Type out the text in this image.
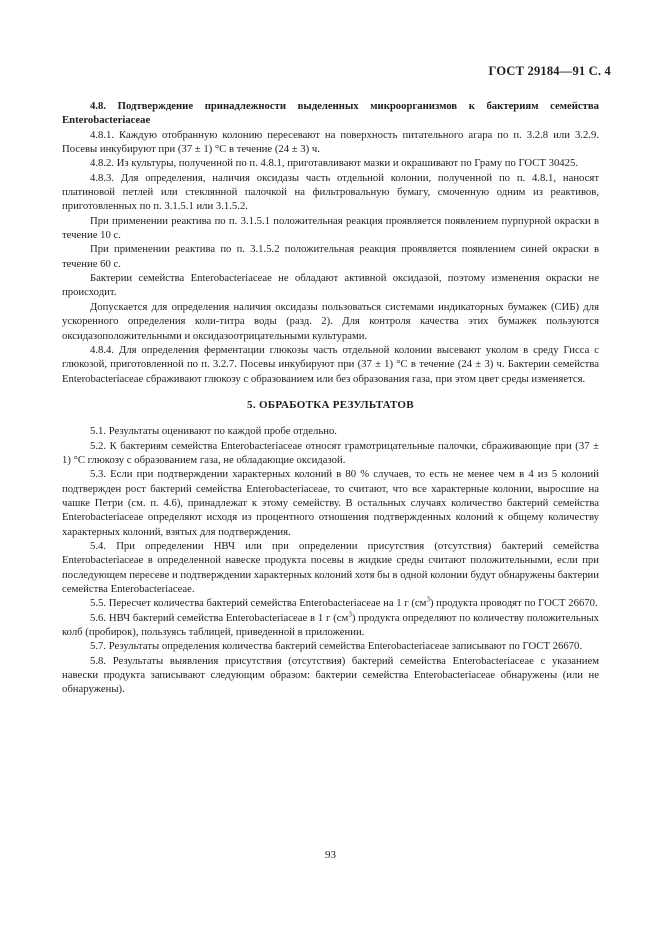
ГОСТ 29184—91 С. 4

4.8. Подтверждение принадлежности выделенных микроорганизмов к бактериям семейства Enterobacteriaceae

4.8.1. Каждую отобранную колонию пересевают на поверхность питательного агара по п. 3.2.8 или 3.2.9. Посевы инкубируют при (37 ± 1) °С в течение (24 ± 3) ч.

4.8.2. Из культуры, полученной по п. 4.8.1, приготавливают мазки и окрашивают по Граму по ГОСТ 30425.

4.8.3. Для определения, наличия оксидазы часть отдельной колонии, полученной по п. 4.8.1, наносят платиновой петлей или стеклянной палочкой на фильтровальную бумагу, смоченную одним из реактивов, приготовленных по п. 3.1.5.1 или 3.1.5.2.

При применении реактива по п. 3.1.5.1 положительная реакция проявляется появлением пурпурной окраски в течение 10 с.

При применении реактива по п. 3.1.5.2 положительная реакция проявляется появлением синей окраски в течение 60 с.

Бактерии семейства Enterobacteriaceae не обладают активной оксидазой, поэтому изменения окраски не происходит.

Допускается для определения наличия оксидазы пользоваться системами индикаторных бумажек (СИБ) для ускоренного определения коли-титра воды (разд. 2). Для контроля качества этих бумажек пользуются оксидазоположительными и оксидазоотрицательными культурами.

4.8.4. Для определения ферментации глюкозы часть отдельной колонии высевают уколом в среду Гисса с глюкозой, приготовленной по п. 3.2.7. Посевы инкубируют при (37 ± 1) °С в течение (24 ± 3) ч. Бактерии семейства Enterobacteriaceae сбраживают глюкозу с образованием или без образования газа, при этом цвет среды изменяется.

5. ОБРАБОТКА РЕЗУЛЬТАТОВ

5.1. Результаты оценивают по каждой пробе отдельно.

5.2. К бактериям семейства Enterobacteriaceae относят грамотрицательные палочки, сбраживающие при (37 ± 1) °С глюкозу с образованием газа, не обладающие оксидазой.

5.3. Если при подтверждении характерных колоний в 80 % случаев, то есть не менее чем в 4 из 5 колоний подтвержден рост бактерий семейства Enterobacteriaceae, то считают, что все характерные колонии, выросшие на чашке Петри (см. п. 4.6), принадлежат к этому семейству. В остальных случаях количество бактерий семейства Enterobacteriaceae определяют исходя из процентного отношения подтвержденных колоний к общему количеству характерных колоний, взятых для подтверждения.

5.4. При определении НВЧ или при определении присутствия (отсутствия) бактерий семейства Enterobacteriaceae в определенной навеске продукта посевы в жидкие среды считают положительными, если при последующем пересеве и подтверждении характерных колоний хотя бы в одной колонии будут обнаружены бактерии семейства Enterobacteriaceae.

5.5. Пересчет количества бактерий семейства Enterobacteriaceae на 1 г $(см^3)$ продукта проводят по ГОСТ 26670.

5.6. НВЧ бактерий семейства Enterobacteriaceae в 1 г $(см^3)$ продукта определяют по количеству положительных колб (пробирок), пользуясь таблицей, приведенной в приложении.

5.7. Результаты определения количества бактерий семейства Enterobacteriaceae записывают по ГОСТ 26670.

5.8. Результаты выявления присутствия (отсутствия) бактерий семейства Enterobacteriaceae с указанием навески продукта записывают следующим образом: бактерии семейства Enterobacteriaceae обнаружены (или не обнаружены).

93
